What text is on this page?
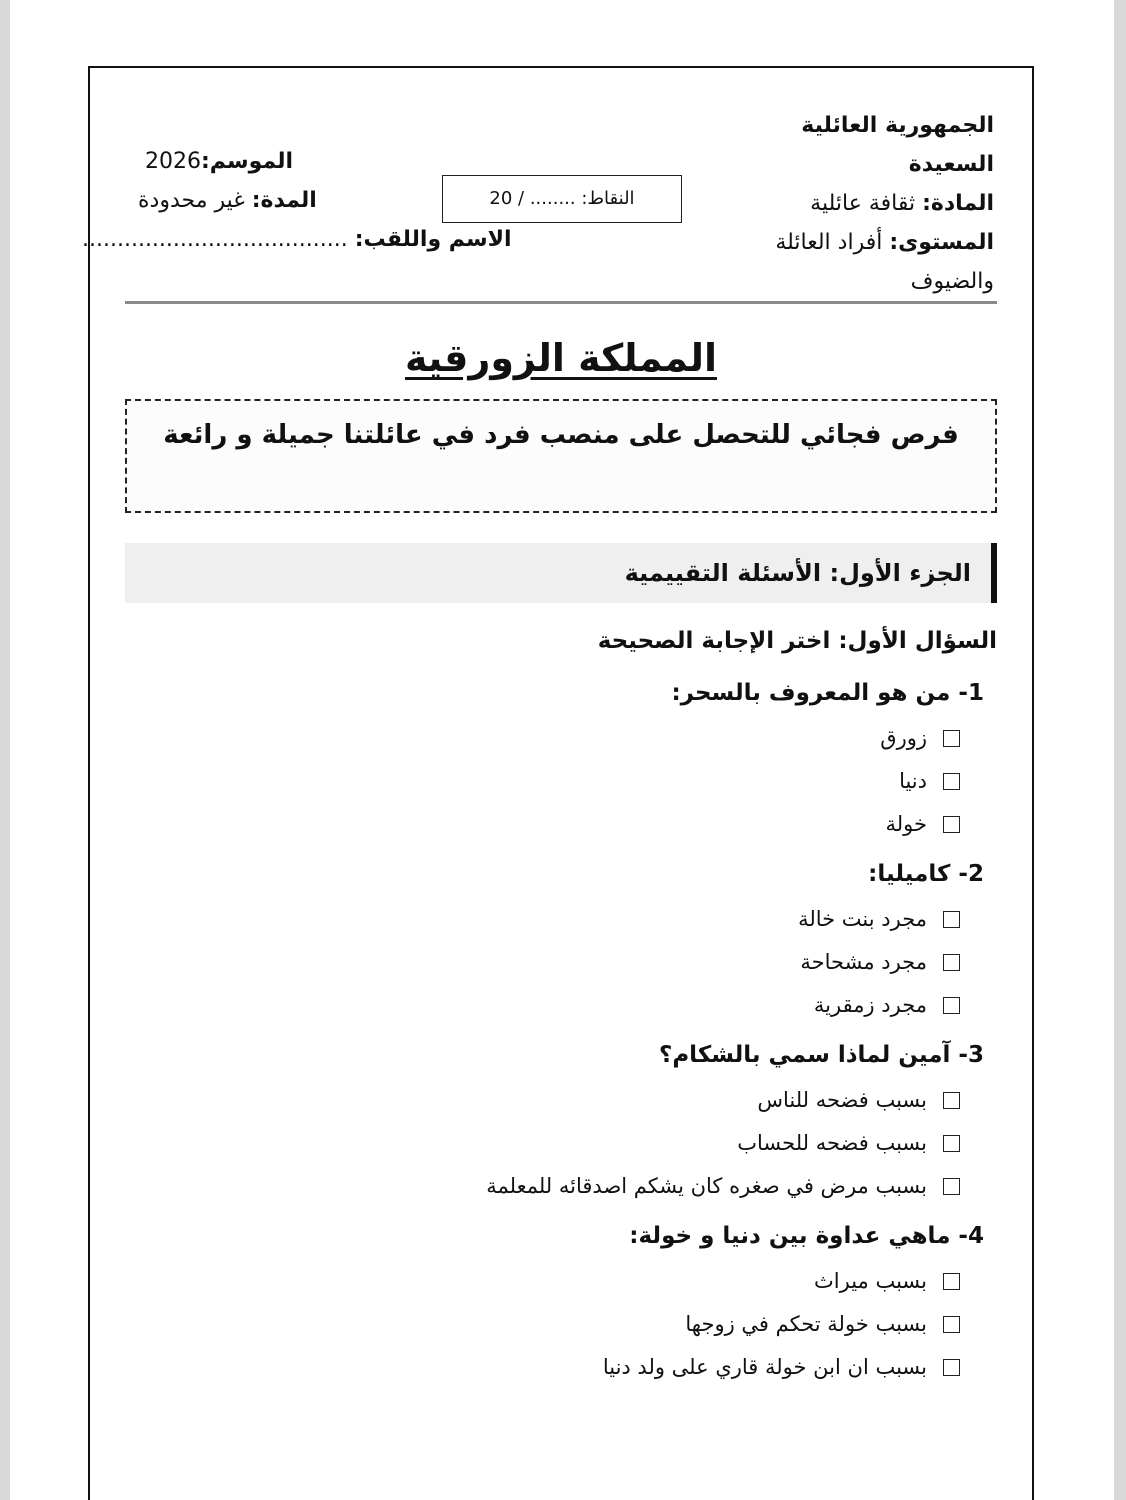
الجمهورية العائلية
السعيدة
المادة: ثقافة عائلية
المستوى: أفراد العائلة
والضيوف
النقاط: ........ / 20
الموسم:2026
المدة: غير محدودة
الاسم واللقب: ......................................
المملكة الزورقية
فرص فجائي للتحصل على منصب فرد في عائلتنا جميلة و رائعة
الجزء الأول: الأسئلة التقييمية
السؤال الأول: اختر الإجابة الصحيحة
1- من هو المعروف بالسحر:
زورق
دنيا
خولة
2- كاميليا:
مجرد بنت خالة
مجرد مشحاحة
مجرد زمقرية
3- آمين لماذا سمي بالشكام؟
بسبب فضحه للناس
بسبب فضحه للحساب
بسبب مرض في صغره كان يشكم اصدقائه للمعلمة
4- ماهي عداوة بين دنيا و خولة:
بسبب ميراث
بسبب خولة تحكم في زوجها
بسبب ان ابن خولة قاري على ولد دنيا
